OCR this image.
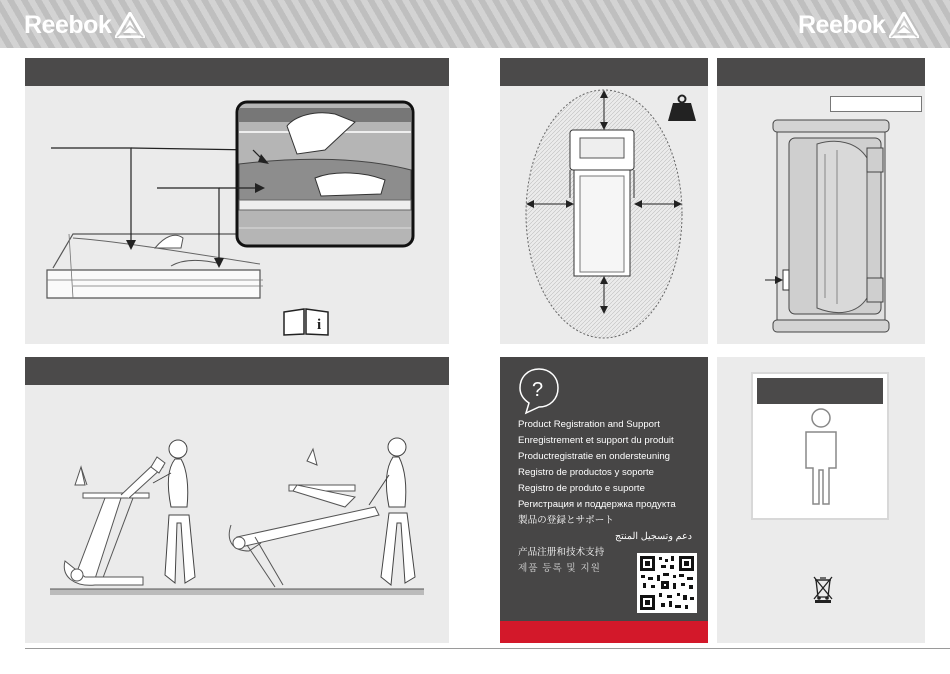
Reebok	Reebok
i
?
Product Registration and Support
Enregistrement et support du produit
Productregistratie en ondersteuning
Registro de productos y soporte
Registro de produto e suporte
Регистрация и поддержка продукта
製品の登録とサポート
دعم وتسجيل المنتج
产品注册和技术支持
제품 등록 및 지원
